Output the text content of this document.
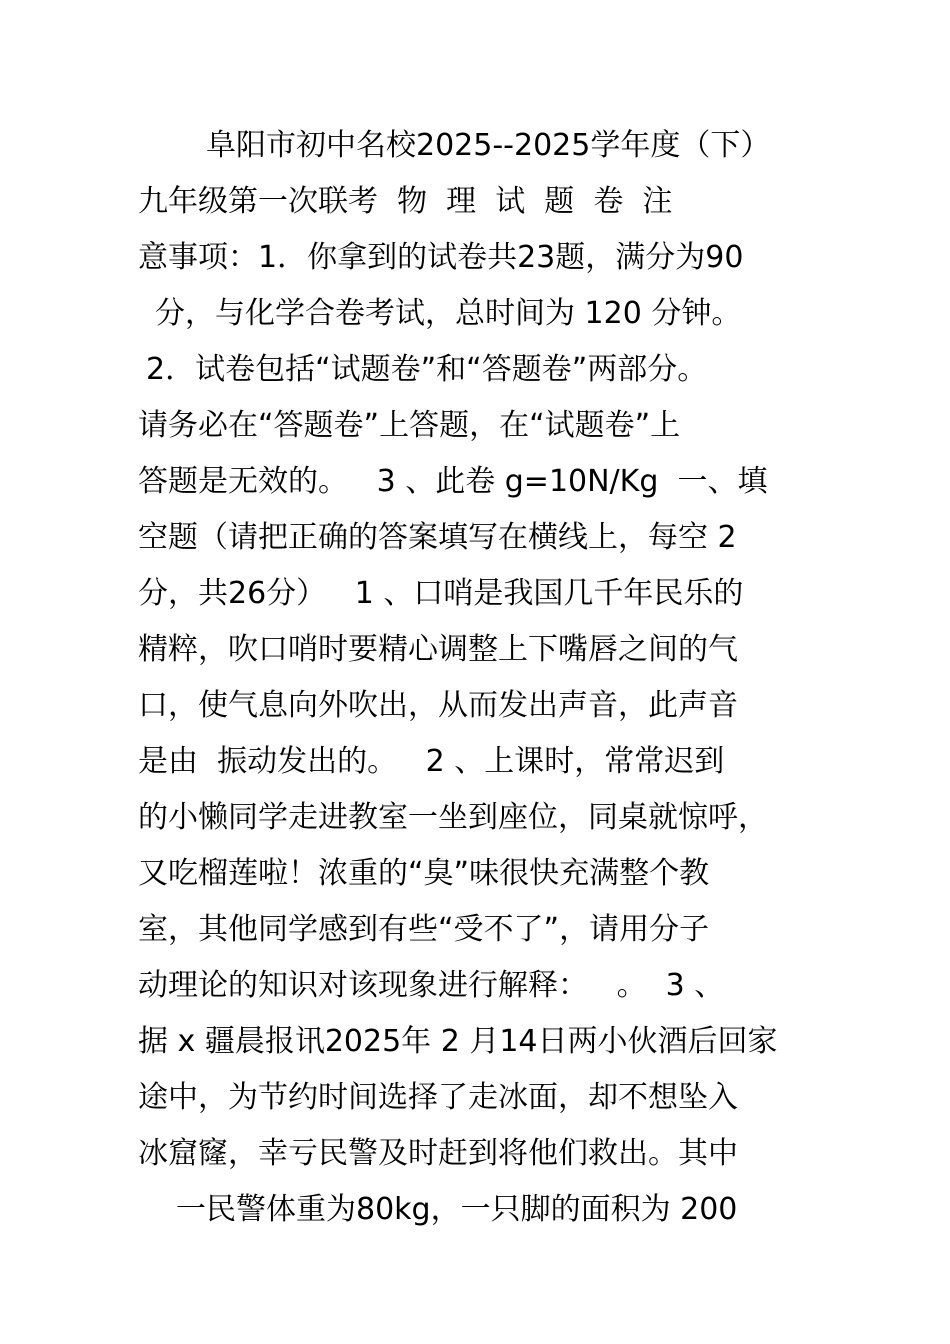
阜阳市初中名校2025--2025学年度（下）
九年级第一次联考  物  理  试  题  卷  注
意事项：1．你拿到的试卷共23题，满分为90
分，与化学合卷考试，总时间为 120 分钟。
2．试卷包括“试题卷”和“答题卷”两部分。
请务必在“答题卷”上答题，在“试题卷”上
答题是无效的。   3 、此卷 g=10N/Kg  一、填
空题（请把正确的答案填写在横线上，每空 2
分，共26分）   1 、口哨是我国几千年民乐的
精粹，吹口哨时要精心调整上下嘴唇之间的气
口，使气息向外吹出，从而发出声音，此声音
是由  振动发出的。   2 、上课时，常常迟到
的小懒同学走进教室一坐到座位，同桌就惊呼，
又吃榴莲啦！浓重的“臭”味很快充满整个教
室，其他同学感到有些“受不了”，请用分子
动理论的知识对该现象进行解释：   。  3 、
据 x 疆晨报讯2025年 2 月14日两小伙酒后回家
途中，为节约时间选择了走冰面，却不想坠入
冰窟窿，幸亏民警及时赶到将他们救出。其中
一民警体重为80kg，一只脚的面积为 200
